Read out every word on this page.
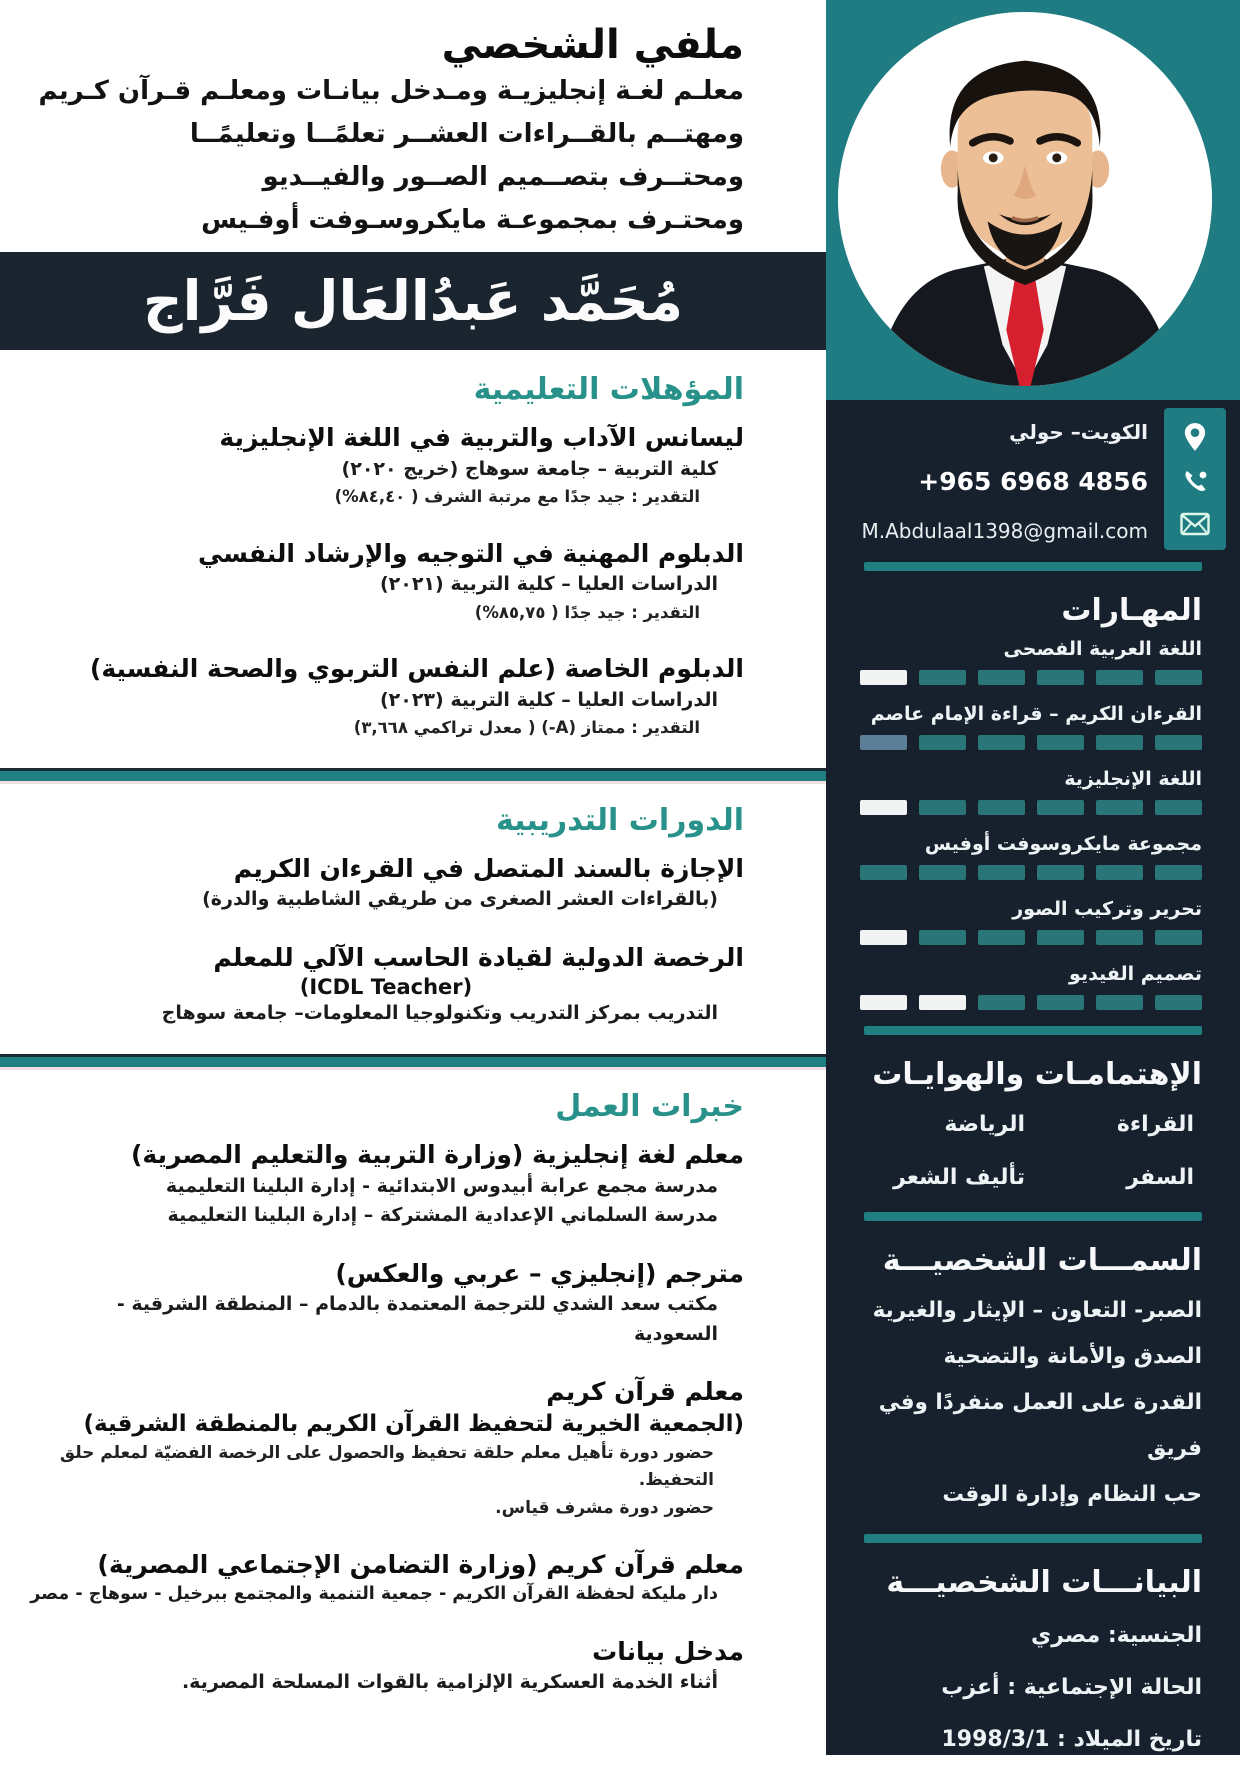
ملفي الشخصي
معلـم لغـة إنجليزيـة ومـدخل بيانـات ومعلـم قـرآن كـريم
ومهتــم بالقــراءات العشــر تعلمًــا وتعليمًــا
ومحتــرف بتصــميم الصــور والفيــديو
ومحتـرف بمجموعـة مايكروسـوفت أوفـيس
مُحَمَّد عَبدُالعَال فَرَّاج
المؤهلات التعليمية
ليسانس الآداب والتربية في اللغة الإنجليزية
كلية التربية – جامعة سوهاج (خريج ٢٠٢٠)
التقدير : جيد جدًا مع مرتبة الشرف ( ٨٤,٤٠%)
الدبلوم المهنية في التوجيه والإرشاد النفسي
الدراسات العليا – كلية التربية (٢٠٢١)
التقدير : جيد جدًا ( ٨٥,٧٥%)
الدبلوم الخاصة (علم النفس التربوي والصحة النفسية)
الدراسات العليا – كلية التربية (٢٠٢٣)
التقدير : ممتاز (A-) ( معدل تراكمي ٣,٦٦٨)
الدورات التدريبية
الإجازة بالسند المتصل في القرءان الكريم
(بالقراءات العشر الصغرى من طريقي الشاطبية والدرة)
الرخصة الدولية لقيادة الحاسب الآلي للمعلم
(ICDL Teacher)
التدريب بمركز التدريب وتكنولوجيا المعلومات– جامعة سوهاج
خبرات العمل
معلم لغة إنجليزية (وزارة التربية والتعليم المصرية)
مدرسة مجمع عرابة أبيدوس الابتدائية - إدارة البلينا التعليمية
مدرسة السلماني الإعدادية المشتركة – إدارة البلينا التعليمية
مترجم (إنجليزي – عربي والعكس)
مكتب سعد الشدي للترجمة المعتمدة بالدمام – المنطقة الشرقية - السعودية
معلم قرآن كريم
(الجمعية الخيرية لتحفيظ القرآن الكريم بالمنطقة الشرقية)
حضور دورة تأهيل معلم حلقة تحفيظ والحصول على الرخصة الفضيّة لمعلم حلق التحفيظ.
حضور دورة مشرف قياس.
معلم قرآن كريم (وزارة التضامن الإجتماعي المصرية)
دار مليكة لحفظة القرآن الكريم - جمعية التنمية والمجتمع ببرخيل - سوهاج - مصر
مدخل بيانات
أثناء الخدمة العسكرية الإلزامية بالقوات المسلحة المصرية.
الكويت– حولي
+965 6968 4856
M.Abdulaal1398@gmail.com
المهـارات
اللغة العربية الفصحى
القرءان الكريم – قراءة الإمام عاصم
اللغة الإنجليزية
مجموعة مايكروسوفت أوفيس
تحرير وتركيب الصور
تصميم الفيديو
الإهتمامـات والهوايـات
القراءة
الرياضة
السفر
تأليف الشعر
السمـــات الشخصيـــة
الصبر- التعاون – الإيثار والغيرية
الصدق والأمانة والتضحية
القدرة على العمل منفردًا وفي فريق
حب النظام وإدارة الوقت
البيانـــات الشخصيـــة
الجنسية: مصري
الحالة الإجتماعية : أعزب
تاريخ الميلاد : 1998/3/1
